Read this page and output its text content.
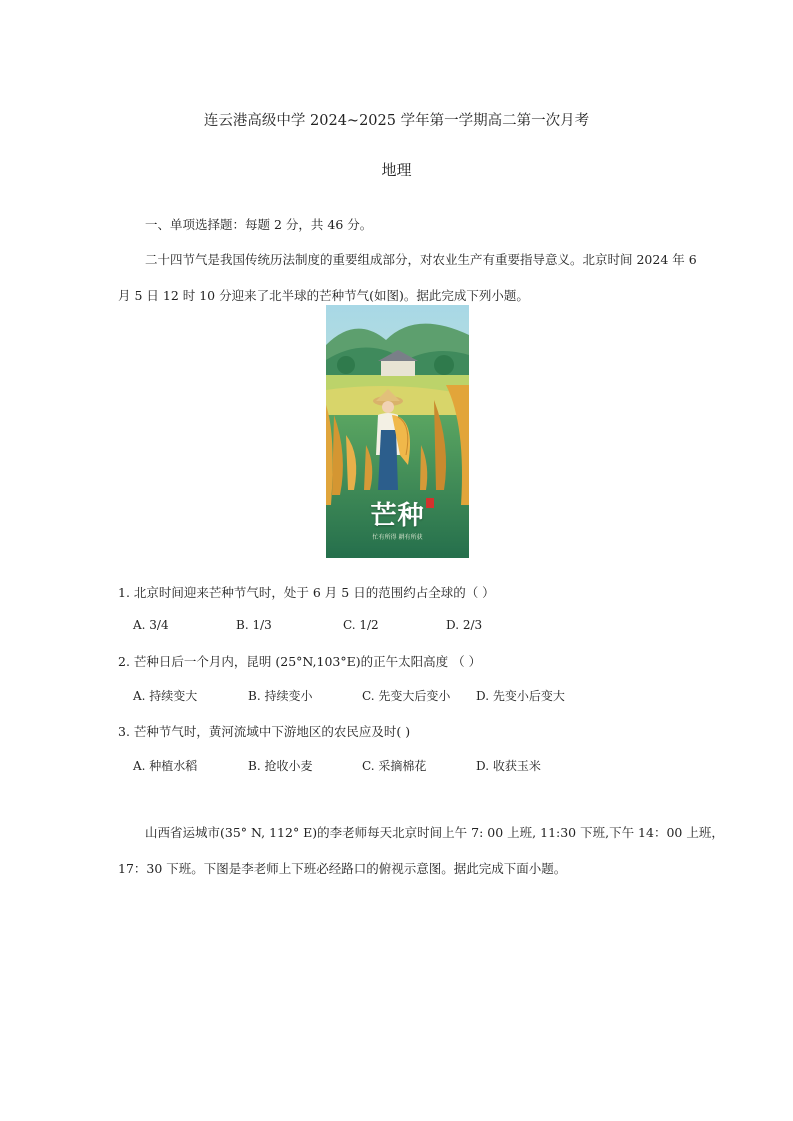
连云港高级中学 2024~2025 学年第一学期高二第一次月考
地理
一、单项选择题：每题 2 分，共 46 分。
二十四节气是我国传统历法制度的重要组成部分，对农业生产有重要指导意义。北京时间 2024 年 6
月 5 日 12 时 10 分迎来了北半球的芒种节气(如图)。据此完成下列小题。
芒种
忙有所得 耕有所获
1. 北京时间迎来芒种节气时，处于 6 月 5 日的范围约占全球的（ ）
A. 3/4	B. 1/3	C. 1/2	D. 2/3
2. 芒种日后一个月内，昆明 (25°N,103°E)的正午太阳高度 （ ）
A. 持续变大	B. 持续变小	C. 先变大后变小 D. 先变小后变大
3. 芒种节气时，黄河流域中下游地区的农民应及时( )
A. 种植水稻	B. 抢收小麦	C. 采摘棉花	D. 收获玉米
山西省运城市(35° N, 112° E)的李老师每天北京时间上午 7: 00 上班, 11:30 下班,下午 14：00 上班，
17：30 下班。下图是李老师上下班必经路口的俯视示意图。据此完成下面小题。
